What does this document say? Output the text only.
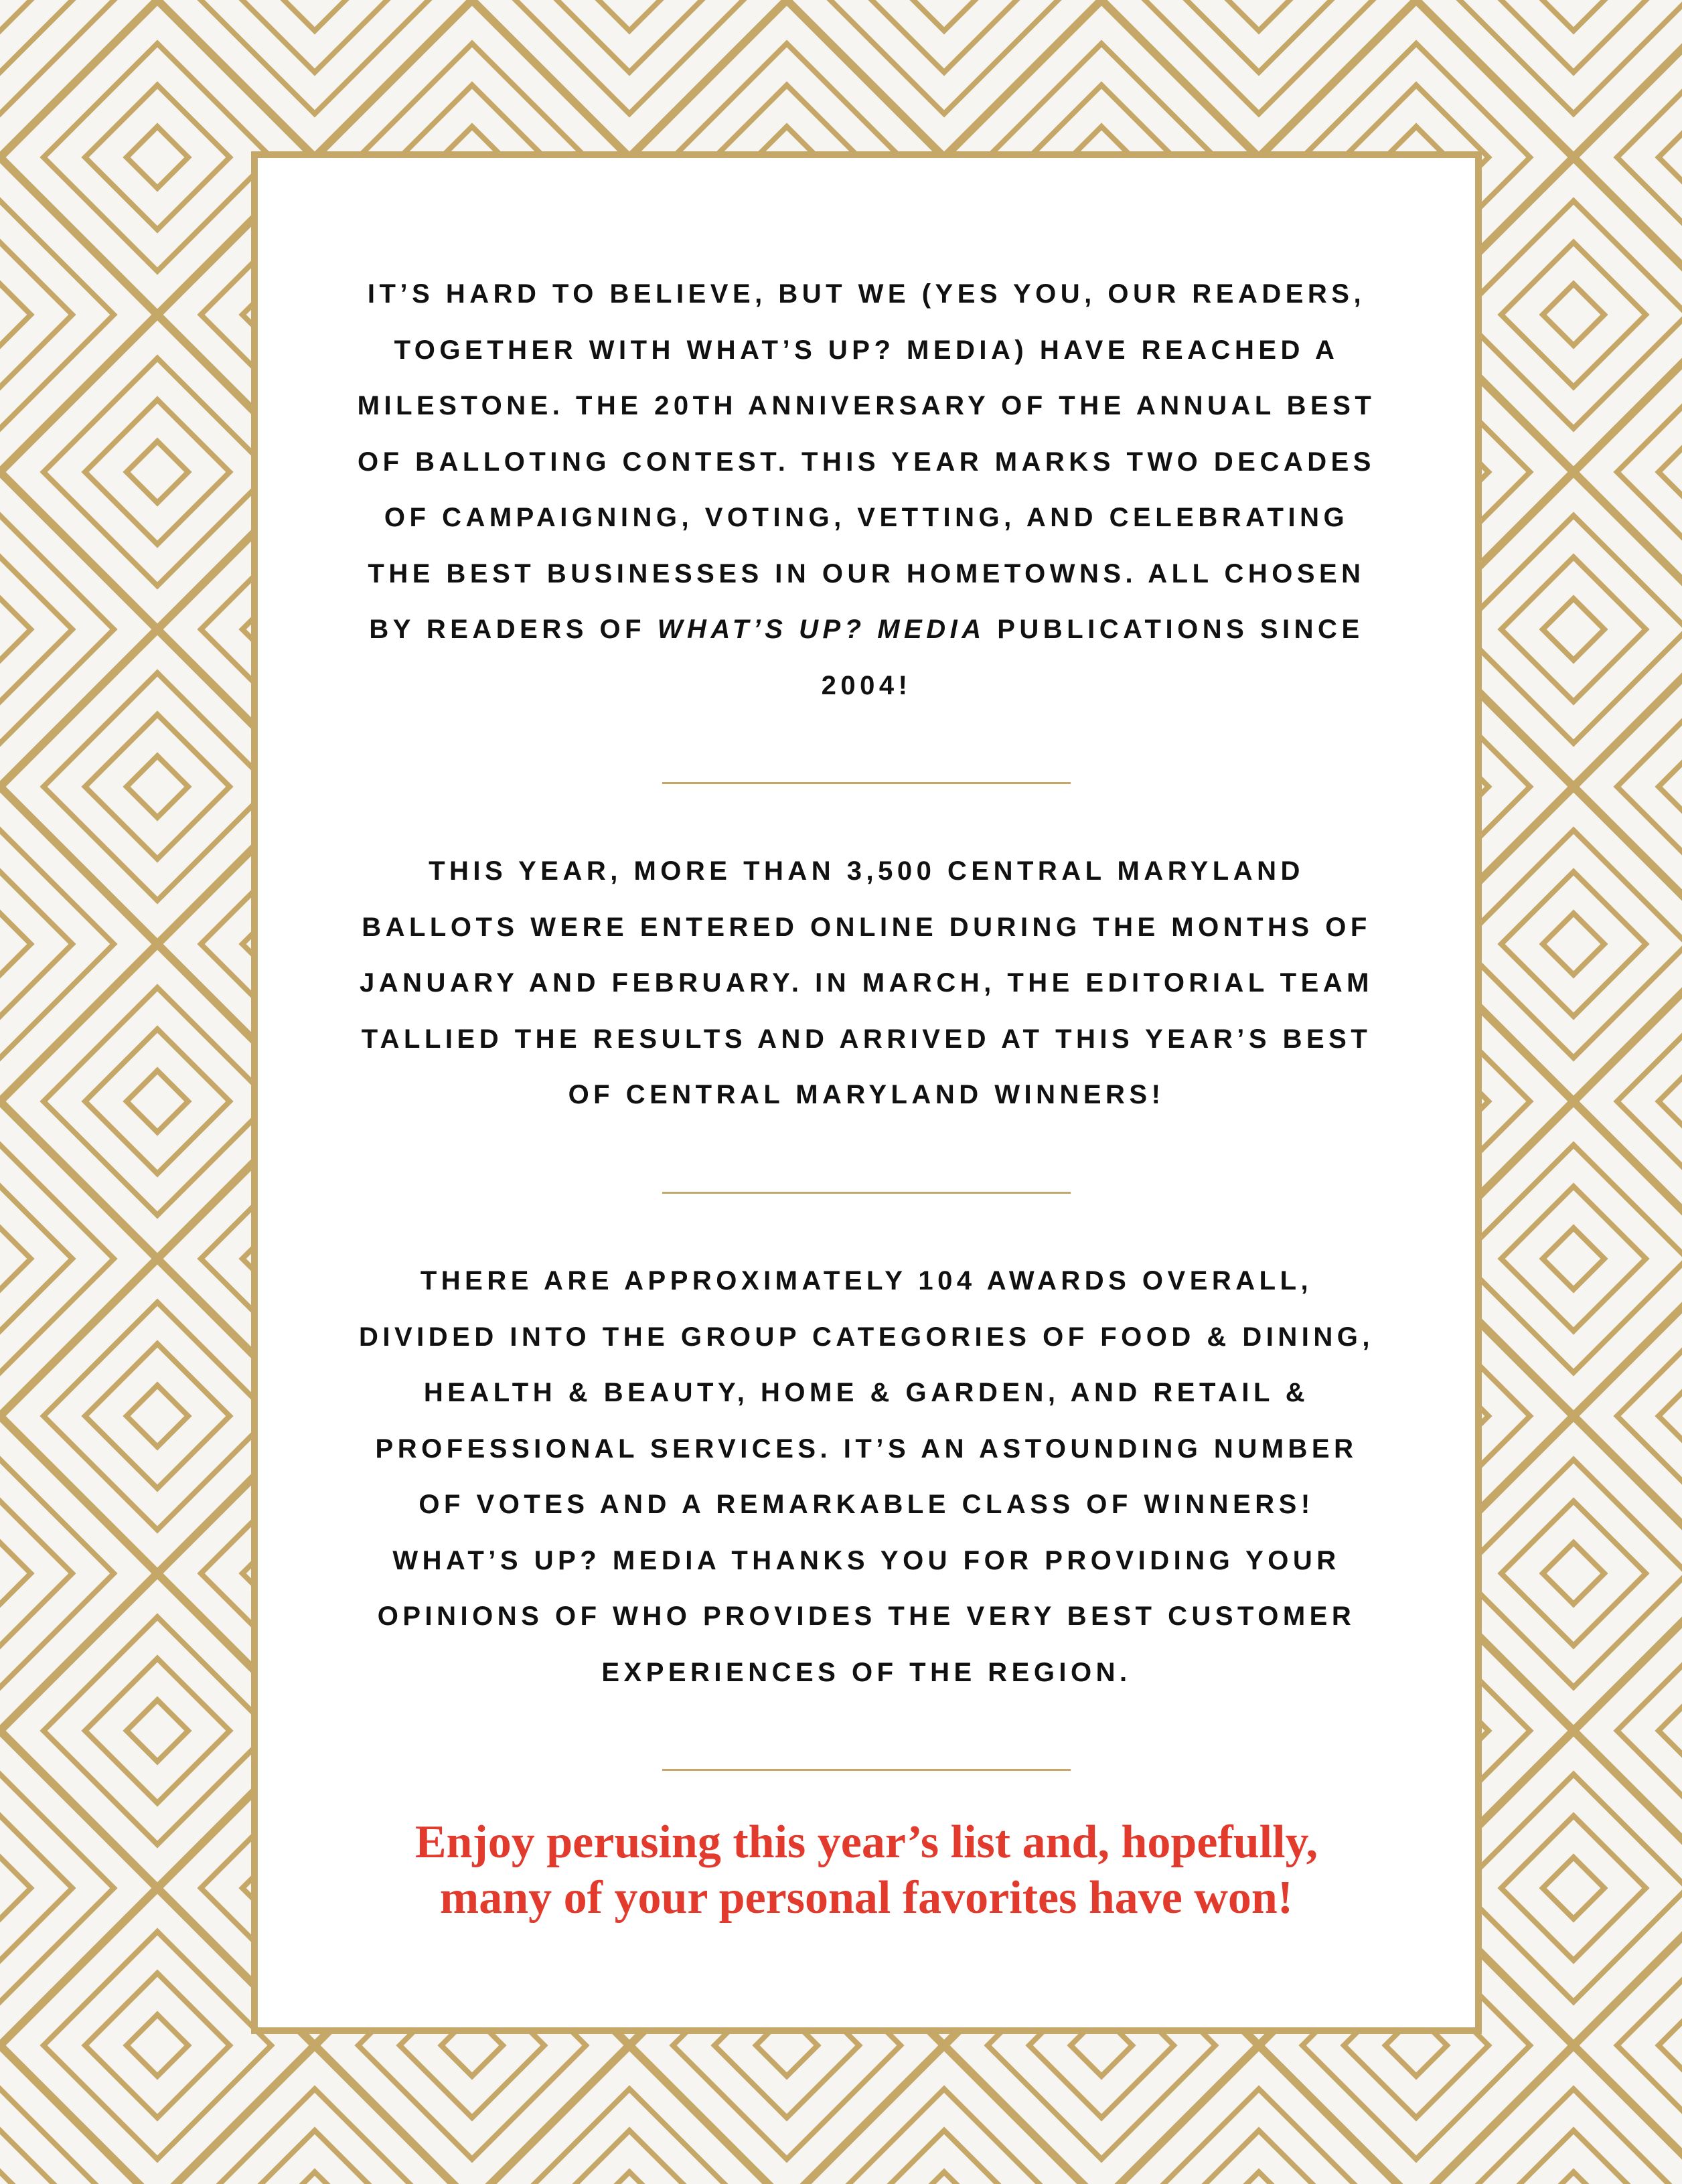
IT’S HARD TO BELIEVE, BUT WE (YES YOU, OUR READERS, TOGETHER WITH WHAT’S UP? MEDIA) HAVE REACHED A MILESTONE. THE 20TH ANNIVERSARY OF THE ANNUAL BEST OF BALLOTING CONTEST. THIS YEAR MARKS TWO DECADES OF CAMPAIGNING, VOTING, VETTING, AND CELEBRATING THE BEST BUSINESSES IN OUR HOMETOWNS. ALL CHOSEN BY READERS OF WHAT’S UP? MEDIA PUBLICATIONS SINCE 2004!

THIS YEAR, MORE THAN 3,500 CENTRAL MARYLAND BALLOTS WERE ENTERED ONLINE DURING THE MONTHS OF JANUARY AND FEBRUARY. IN MARCH, THE EDITORIAL TEAM TALLIED THE RESULTS AND ARRIVED AT THIS YEAR’S BEST OF CENTRAL MARYLAND WINNERS!

THERE ARE APPROXIMATELY 104 AWARDS OVERALL, DIVIDED INTO THE GROUP CATEGORIES OF FOOD & DINING, HEALTH & BEAUTY, HOME & GARDEN, AND RETAIL & PROFESSIONAL SERVICES. IT’S AN ASTOUNDING NUMBER OF VOTES AND A REMARKABLE CLASS OF WINNERS! WHAT’S UP? MEDIA THANKS YOU FOR PROVIDING YOUR OPINIONS OF WHO PROVIDES THE VERY BEST CUSTOMER EXPERIENCES OF THE REGION.

Enjoy perusing this year’s list and, hopefully,
many of your personal favorites have won!
